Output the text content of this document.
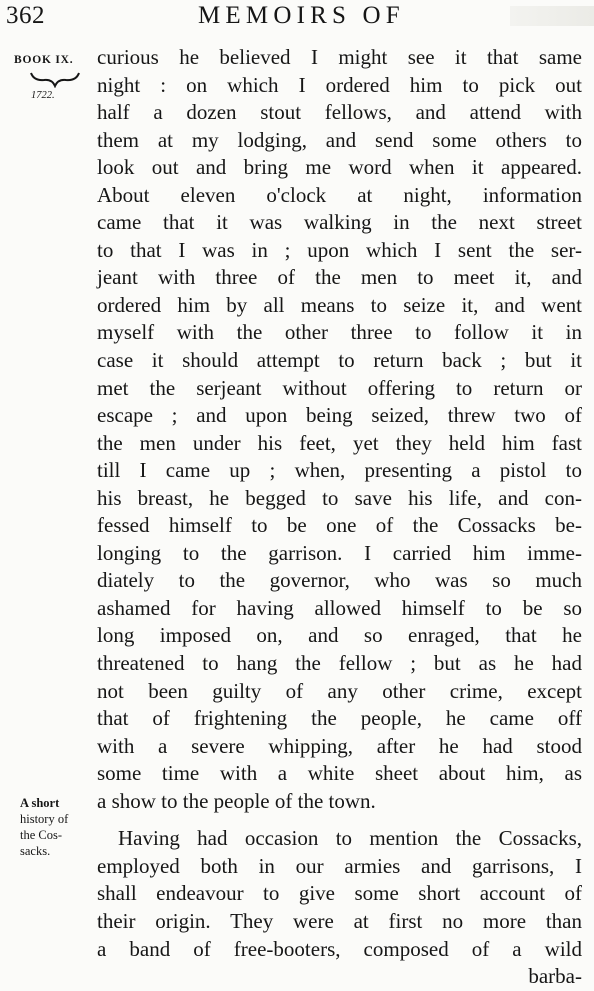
362	MEMOIRS OF
BOOK IX.
1722.
A short
history of
the Cos-
sacks.
curious he believed I might see it that same
night : on which I ordered him to pick out
half a dozen stout fellows, and attend with
them at my lodging, and send some others to
look out and bring me word when it appeared.
About eleven o'clock at night, information
came that it was walking in the next street
to that I was in ; upon which I sent the ser-
jeant with three of the men to meet it, and
ordered him by all means to seize it, and went
myself with the other three to follow it in
case it should attempt to return back ; but it
met the serjeant without offering to return or
escape ; and upon being seized, threw two of
the men under his feet, yet they held him fast
till I came up ; when, presenting a pistol to
his breast, he begged to save his life, and con-
fessed himself to be one of the Cossacks be-
longing to the garrison. I carried him imme-
diately to the governor, who was so much
ashamed for having allowed himself to be so
long imposed on, and so enraged, that he
threatened to hang the fellow ; but as he had
not been guilty of any other crime, except
that of frightening the people, he came off
with a severe whipping, after he had stood
some time with a white sheet about him, as
a show to the people of the town.
Having had occasion to mention the Cossacks,
employed both in our armies and garrisons, I
shall endeavour to give some short account of
their origin. They were at first no more than
a band of free-booters, composed of a wild
barba-
